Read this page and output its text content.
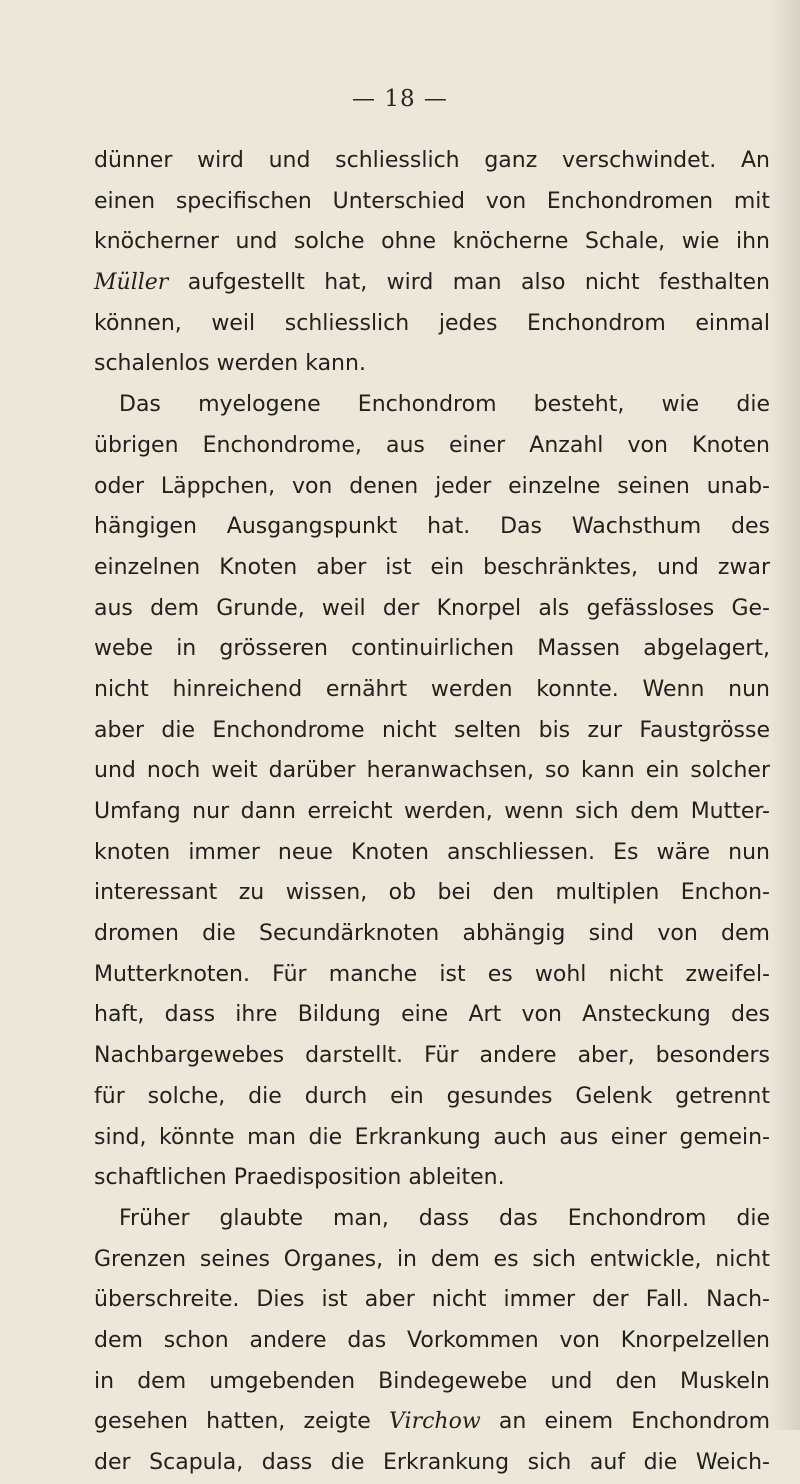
— 18 —
dünner wird und schliesslich ganz verschwindet. An
einen specifischen Unterschied von Enchondromen mit
knöcherner und solche ohne knöcherne Schale, wie ihn
Müller aufgestellt hat, wird man also nicht festhalten
können, weil schliesslich jedes Enchondrom einmal
schalenlos werden kann.
Das myelogene Enchondrom besteht, wie die
übrigen Enchondrome, aus einer Anzahl von Knoten
oder Läppchen, von denen jeder einzelne seinen unab-
hängigen Ausgangspunkt hat. Das Wachsthum des
einzelnen Knoten aber ist ein beschränktes, und zwar
aus dem Grunde, weil der Knorpel als gefässloses Ge-
webe in grösseren continuirlichen Massen abgelagert,
nicht hinreichend ernährt werden konnte. Wenn nun
aber die Enchondrome nicht selten bis zur Faustgrösse
und noch weit darüber heranwachsen, so kann ein solcher
Umfang nur dann erreicht werden, wenn sich dem Mutter-
knoten immer neue Knoten anschliessen. Es wäre nun
interessant zu wissen, ob bei den multiplen Enchon-
dromen die Secundärknoten abhängig sind von dem
Mutterknoten. Für manche ist es wohl nicht zweifel-
haft, dass ihre Bildung eine Art von Ansteckung des
Nachbargewebes darstellt. Für andere aber, besonders
für solche, die durch ein gesundes Gelenk getrennt
sind, könnte man die Erkrankung auch aus einer gemein-
schaftlichen Praedisposition ableiten.
Früher glaubte man, dass das Enchondrom die
Grenzen seines Organes, in dem es sich entwickle, nicht
überschreite. Dies ist aber nicht immer der Fall. Nach-
dem schon andere das Vorkommen von Knorpelzellen
in dem umgebenden Bindegewebe und den Muskeln
gesehen hatten, zeigte Virchow an einem Enchondrom
der Scapula, dass die Erkrankung sich auf die Weich-
